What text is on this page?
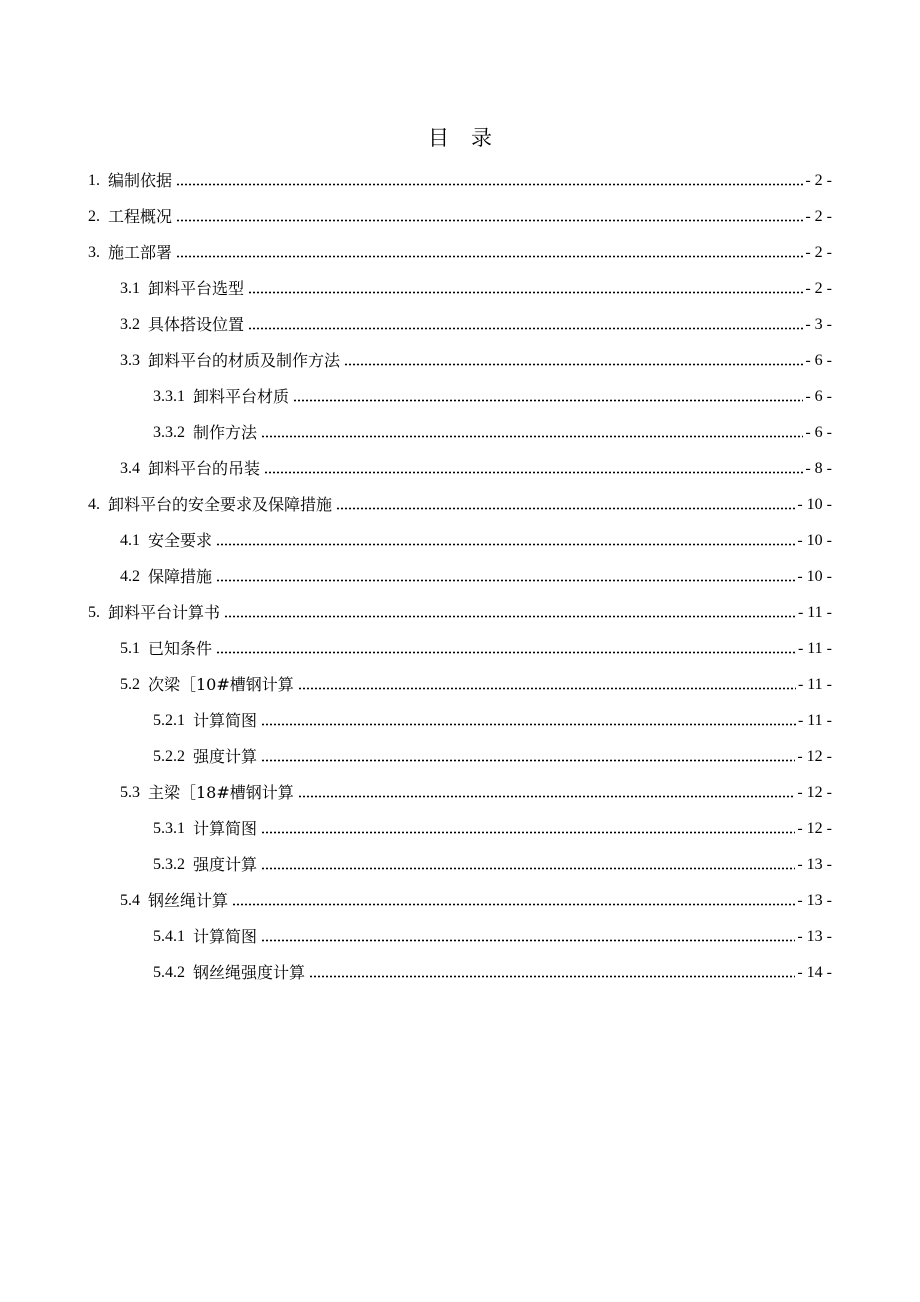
目 录
1. 编制依据	- 2 -
2. 工程概况	- 2 -
3. 施工部署	- 2 -
3.1 卸料平台选型	- 2 -
3.2 具体搭设位置	- 3 -
3.3 卸料平台的材质及制作方法	- 6 -
3.3.1 卸料平台材质	- 6 -
3.3.2 制作方法	- 6 -
3.4 卸料平台的吊装	- 8 -
4. 卸料平台的安全要求及保障措施	- 10 -
4.1 安全要求	- 10 -
4.2 保障措施	- 10 -
5. 卸料平台计算书	- 11 -
5.1 已知条件	- 11 -
5.2 次梁［10#槽钢计算	- 11 -
5.2.1 计算简图	- 11 -
5.2.2 强度计算	- 12 -
5.3 主梁［18#槽钢计算	- 12 -
5.3.1 计算简图	- 12 -
5.3.2 强度计算	- 13 -
5.4 钢丝绳计算	- 13 -
5.4.1 计算简图	- 13 -
5.4.2 钢丝绳强度计算	- 14 -
